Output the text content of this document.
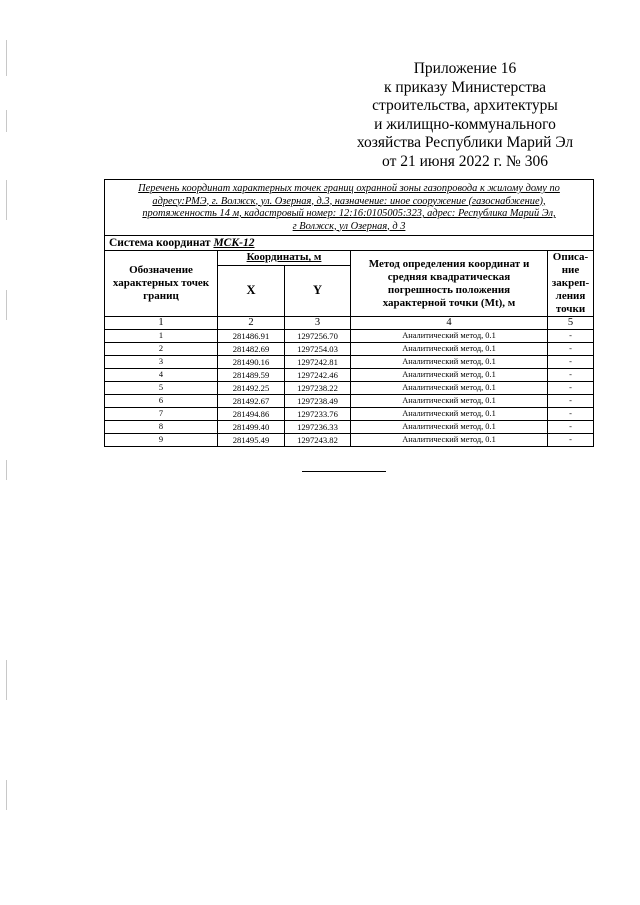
Приложение 16
к приказу Министерства
строительства, архитектуры
и жилищно-коммунального
хозяйства Республики Марий Эл
от 21 июня 2022 г. № 306
Перечень координат характерных точек границ охранной зоны газопровода к жилому дому по
адресу:РМЭ, г. Волжск, ул. Озерная, д.3, назначение: иное сооружение (газоснабжение),
протяженность 14 м, кадастровый номер: 12:16:0105005:323, адрес: Республика Марий Эл,
г Волжск, ул Озерная, д 3				

Система координат МСК-12				
Обозначение характерных точек границ	Координаты, м		Метод определения координат и средняя квадратическая погрешность положения характерной точки (Mt), м	Описа-ние закреп-ления точки
	X	Y		
1	2	3	4	5
1	281486.91	1297256.70	Аналитический метод, 0.1	-
2	281482.69	1297254.03	Аналитический метод, 0.1	-
3	281490.16	1297242.81	Аналитический метод, 0.1	-
4	281489.59	1297242.46	Аналитический метод, 0.1	-
5	281492.25	1297238.22	Аналитический метод, 0.1	-
6	281492.67	1297238.49	Аналитический метод, 0.1	-
7	281494.86	1297233.76	Аналитический метод, 0.1	-
8	281499.40	1297236.33	Аналитический метод, 0.1	-
9	281495.49	1297243.82	Аналитический метод, 0.1	-
